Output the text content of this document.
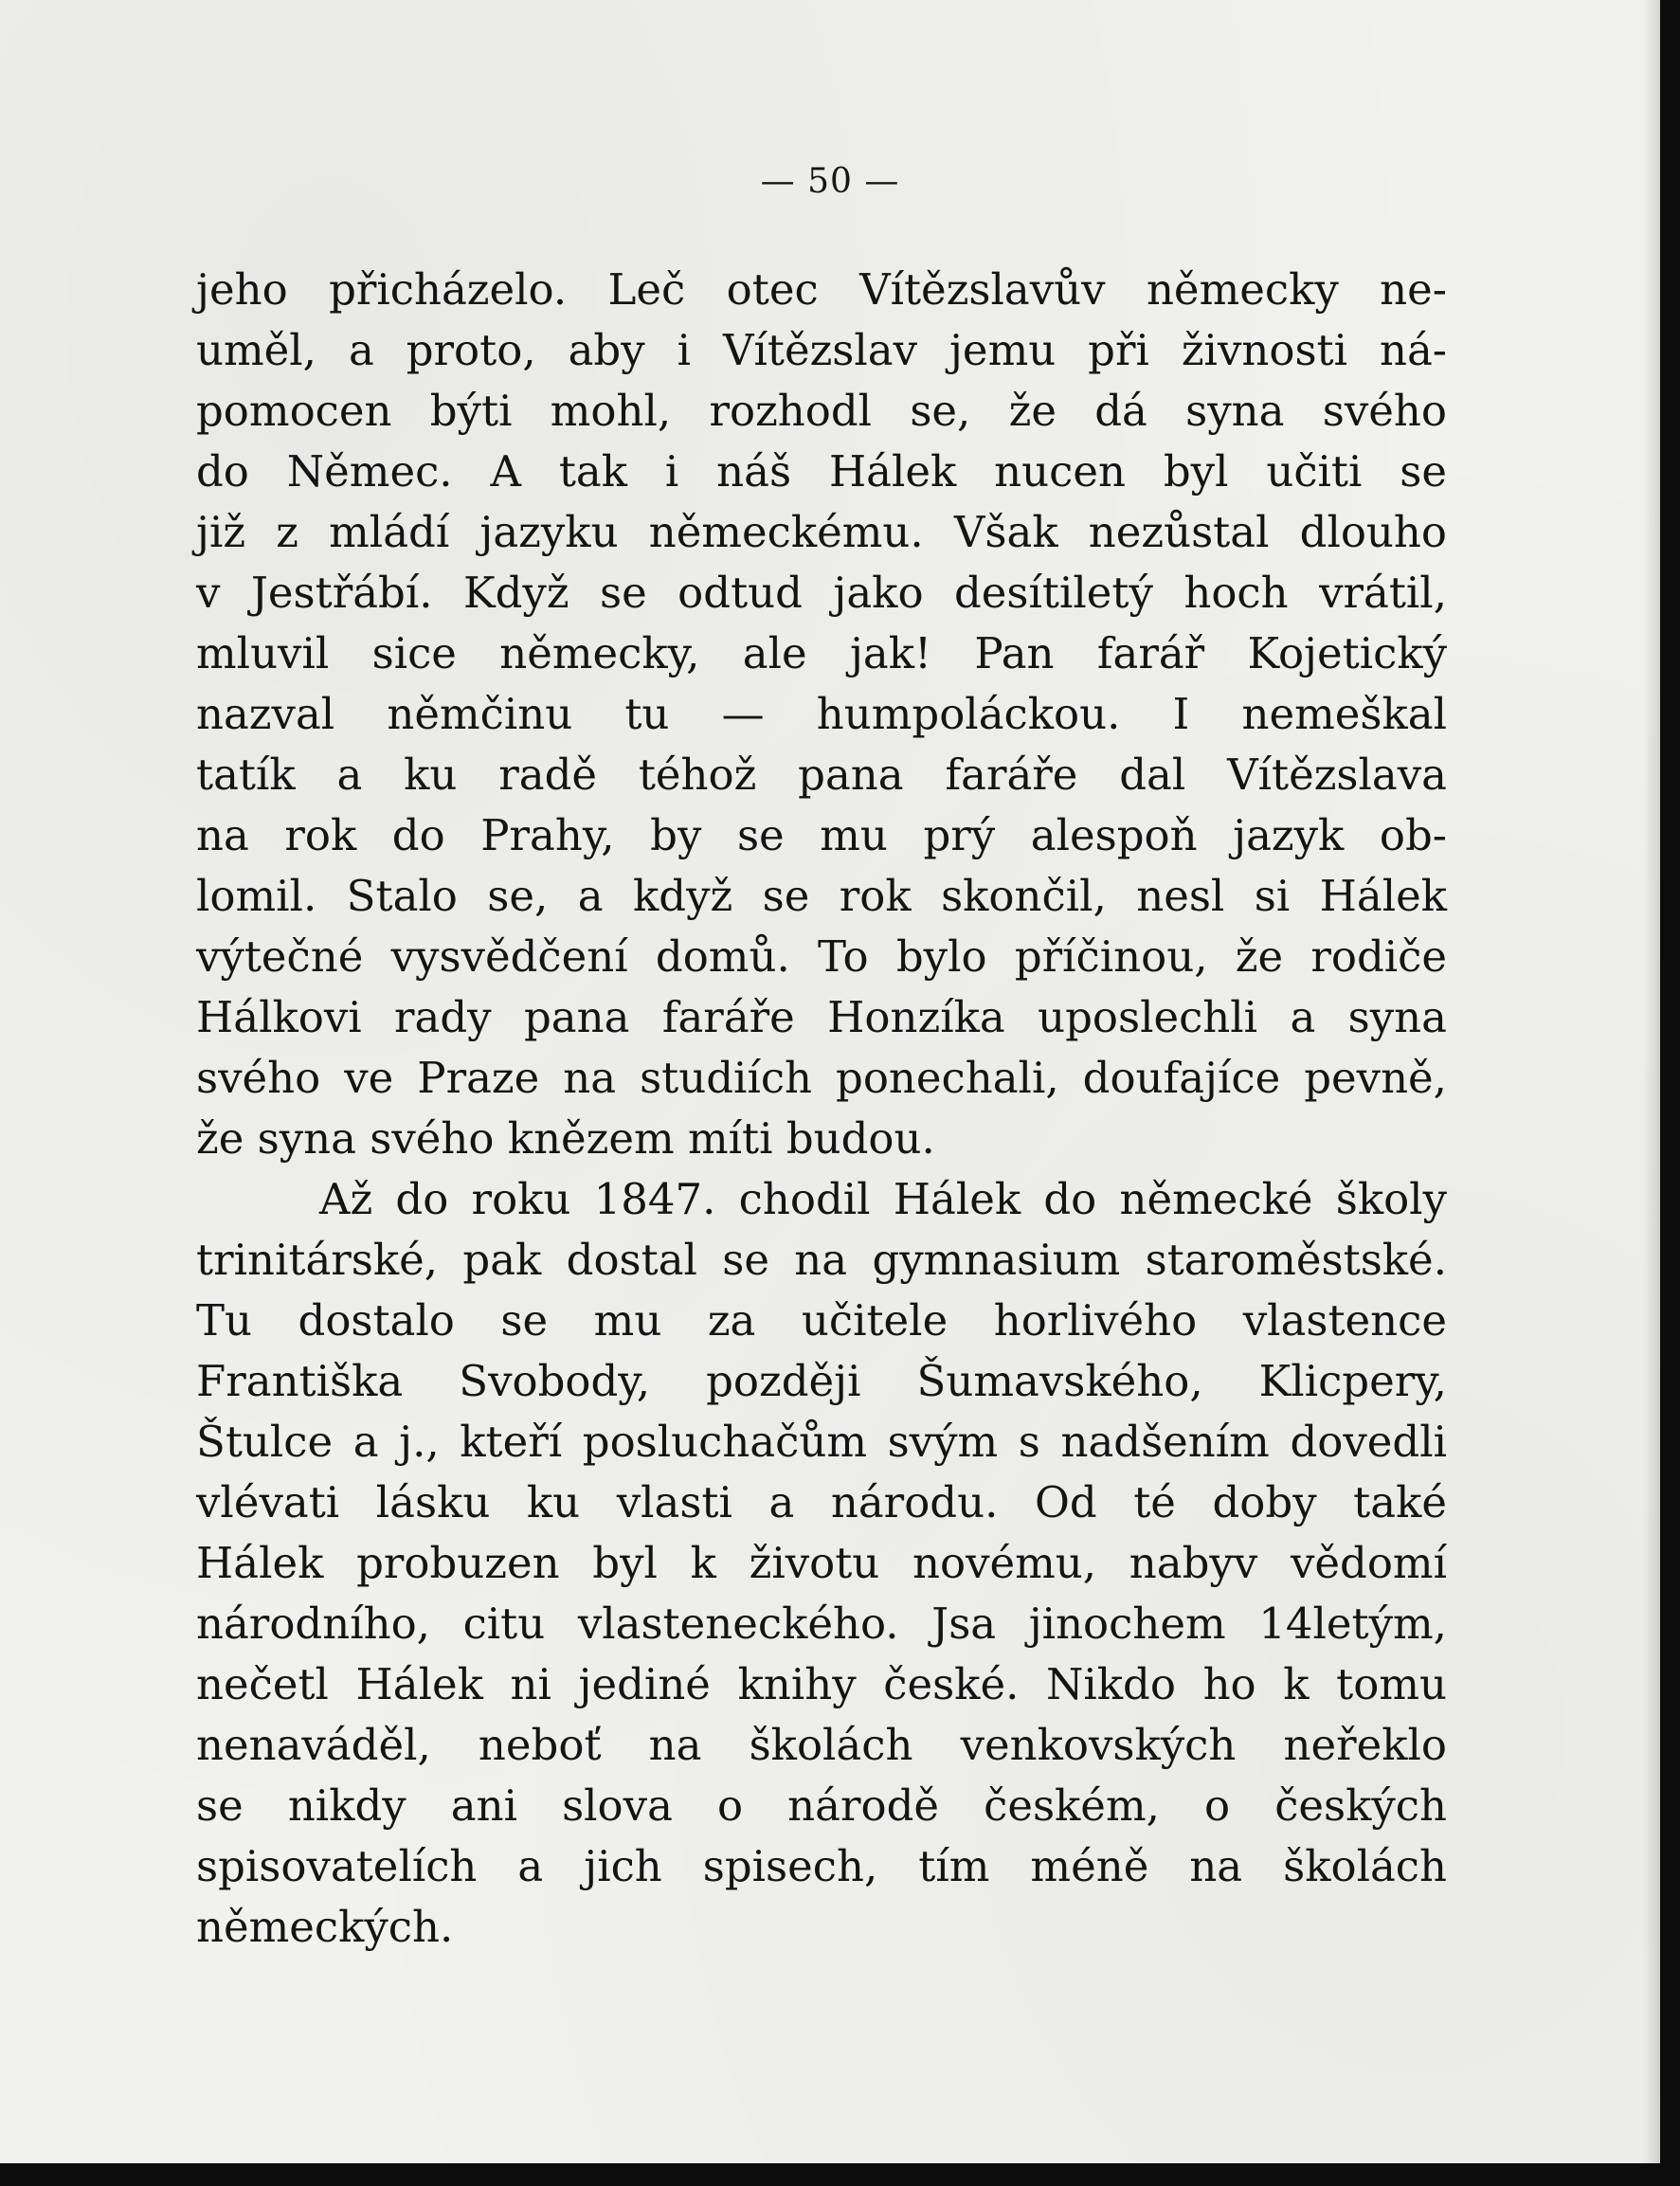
— 50 —

jeho přicházelo. Leč otec Vítězslavův německy ne-
uměl, a proto, aby i Vítězslav jemu při živnosti ná-
pomocen býti mohl, rozhodl se, že dá syna svého
do Němec. A tak i náš Hálek nucen byl učiti se
již z mládí jazyku německému. Však nezůstal dlouho
v Jestřábí. Když se odtud jako desítiletý hoch vrátil,
mluvil sice německy, ale jak! Pan farář Kojetický
nazval němčinu tu — humpoláckou. I nemeškal
tatík a ku radě téhož pana faráře dal Vítězslava
na rok do Prahy, by se mu prý alespoň jazyk ob-
lomil. Stalo se, a když se rok skončil, nesl si Hálek
výtečné vysvědčení domů. To bylo příčinou, že rodiče
Hálkovi rady pana faráře Honzíka uposlechli a syna
svého ve Praze na studiích ponechali, doufajíce pevně,
že syna svého knězem míti budou.
Až do roku 1847. chodil Hálek do německé školy
trinitárské, pak dostal se na gymnasium staroměstské.
Tu dostalo se mu za učitele horlivého vlastence
Františka Svobody, později Šumavského, Klicpery,
Štulce a j., kteří posluchačům svým s nadšením dovedli
vlévati lásku ku vlasti a národu. Od té doby také
Hálek probuzen byl k životu novému, nabyv vědomí
národního, citu vlasteneckého. Jsa jinochem 14letým,
nečetl Hálek ni jediné knihy české. Nikdo ho k tomu
nenaváděl, neboť na školách venkovských neřeklo
se nikdy ani slova o národě českém, o českých
spisovatelích a jich spisech, tím méně na školách
německých.
